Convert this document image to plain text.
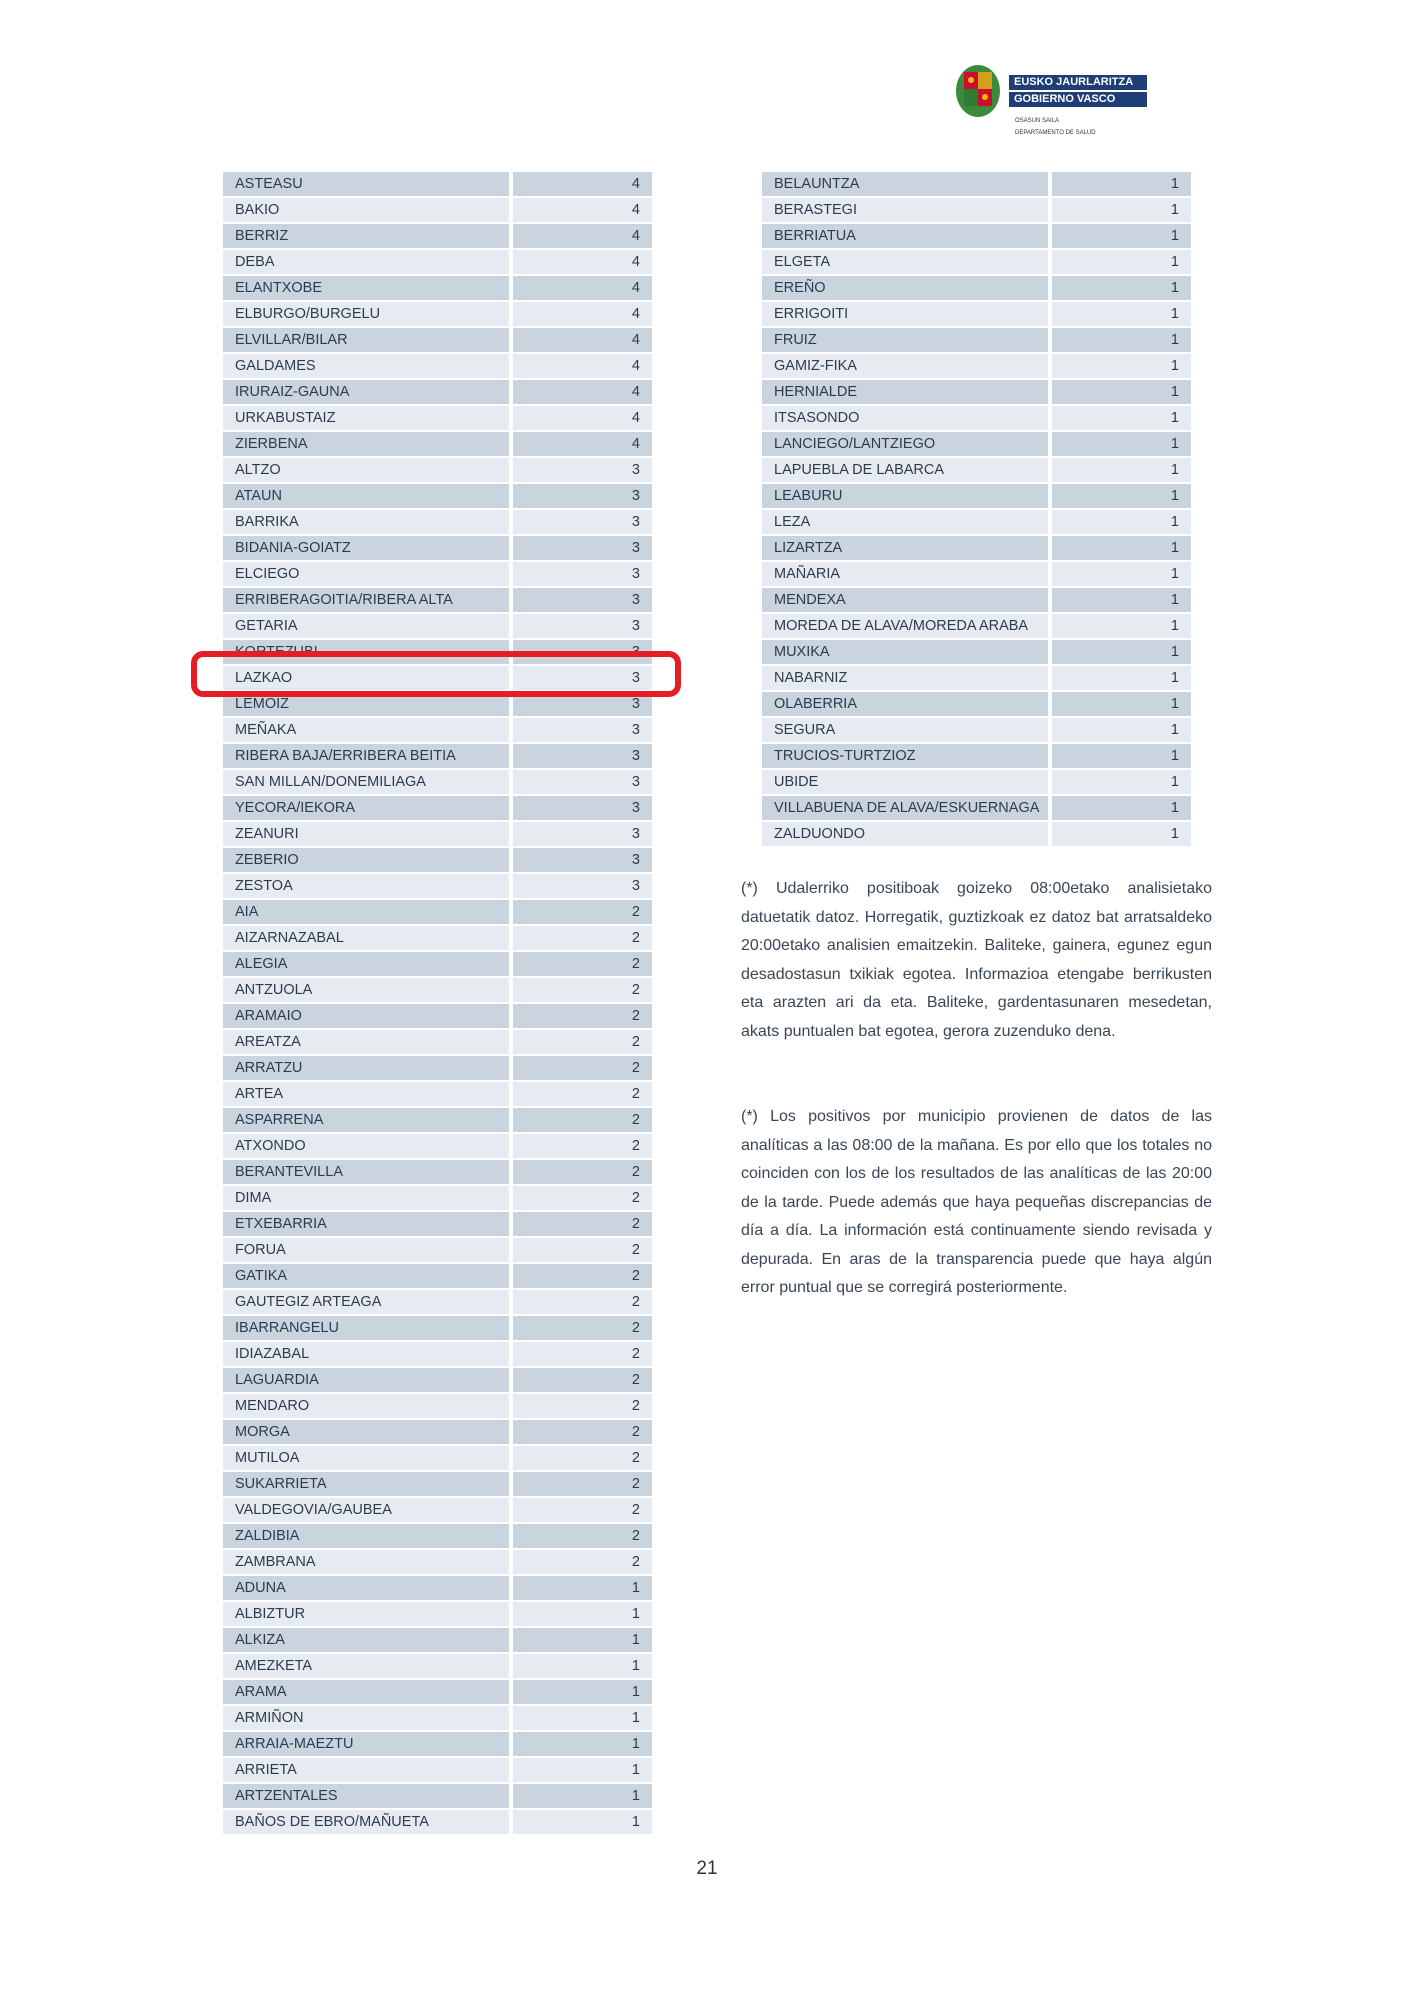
EUSKO JAURLARITZA
GOBIERNO VASCO
OSASUN SAILA
DEPARTAMENTO DE SALUD
ASTEASU	4
BAKIO	4
BERRIZ	4
DEBA	4
ELANTXOBE	4
ELBURGO/BURGELU	4
ELVILLAR/BILAR	4
GALDAMES	4
IRURAIZ-GAUNA	4
URKABUSTAIZ	4
ZIERBENA	4
ALTZO	3
ATAUN	3
BARRIKA	3
BIDANIA-GOIATZ	3
ELCIEGO	3
ERRIBERAGOITIA/RIBERA ALTA	3
GETARIA	3
KORTEZUBI	3
LAZKAO	3
LEMOIZ	3
MEÑAKA	3
RIBERA BAJA/ERRIBERA BEITIA	3
SAN MILLAN/DONEMILIAGA	3
YECORA/IEKORA	3
ZEANURI	3
ZEBERIO	3
ZESTOA	3
AIA	2
AIZARNAZABAL	2
ALEGIA	2
ANTZUOLA	2
ARAMAIO	2
AREATZA	2
ARRATZU	2
ARTEA	2
ASPARRENA	2
ATXONDO	2
BERANTEVILLA	2
DIMA	2
ETXEBARRIA	2
FORUA	2
GATIKA	2
GAUTEGIZ ARTEAGA	2
IBARRANGELU	2
IDIAZABAL	2
LAGUARDIA	2
MENDARO	2
MORGA	2
MUTILOA	2
SUKARRIETA	2
VALDEGOVIA/GAUBEA	2
ZALDIBIA	2
ZAMBRANA	2
ADUNA	1
ALBIZTUR	1
ALKIZA	1
AMEZKETA	1
ARAMA	1
ARMIÑON	1
ARRAIA-MAEZTU	1
ARRIETA	1
ARTZENTALES	1
BAÑOS DE EBRO/MAÑUETA	1
BELAUNTZA	1
BERASTEGI	1
BERRIATUA	1
ELGETA	1
EREÑO	1
ERRIGOITI	1
FRUIZ	1
GAMIZ-FIKA	1
HERNIALDE	1
ITSASONDO	1
LANCIEGO/LANTZIEGO	1
LAPUEBLA DE LABARCA	1
LEABURU	1
LEZA	1
LIZARTZA	1
MAÑARIA	1
MENDEXA	1
MOREDA DE ALAVA/MOREDA ARABA	1
MUXIKA	1
NABARNIZ	1
OLABERRIA	1
SEGURA	1
TRUCIOS-TURTZIOZ	1
UBIDE	1
VILLABUENA DE ALAVA/ESKUERNAGA	1
ZALDUONDO	1
(*) Udalerriko positiboak goizeko 08:00etako analisietako datuetatik datoz. Horregatik, guztizkoak ez datoz bat arratsaldeko 20:00etako analisien emaitzekin. Baliteke, gainera, egunez egun desadostasun txikiak egotea. Informazioa etengabe berrikusten eta arazten ari da eta. Baliteke, gardentasunaren mesedetan, akats puntualen bat egotea, gerora zuzenduko dena.
(*) Los positivos por municipio provienen de datos de las analíticas a las 08:00 de la mañana. Es por ello que los totales no coinciden con los de los resultados de las analíticas de las 20:00 de la tarde. Puede además que haya pequeñas discrepancias de día a día. La información está continuamente siendo revisada y depurada. En aras de la transparencia puede que haya algún error puntual que se corregirá posteriormente.
21
